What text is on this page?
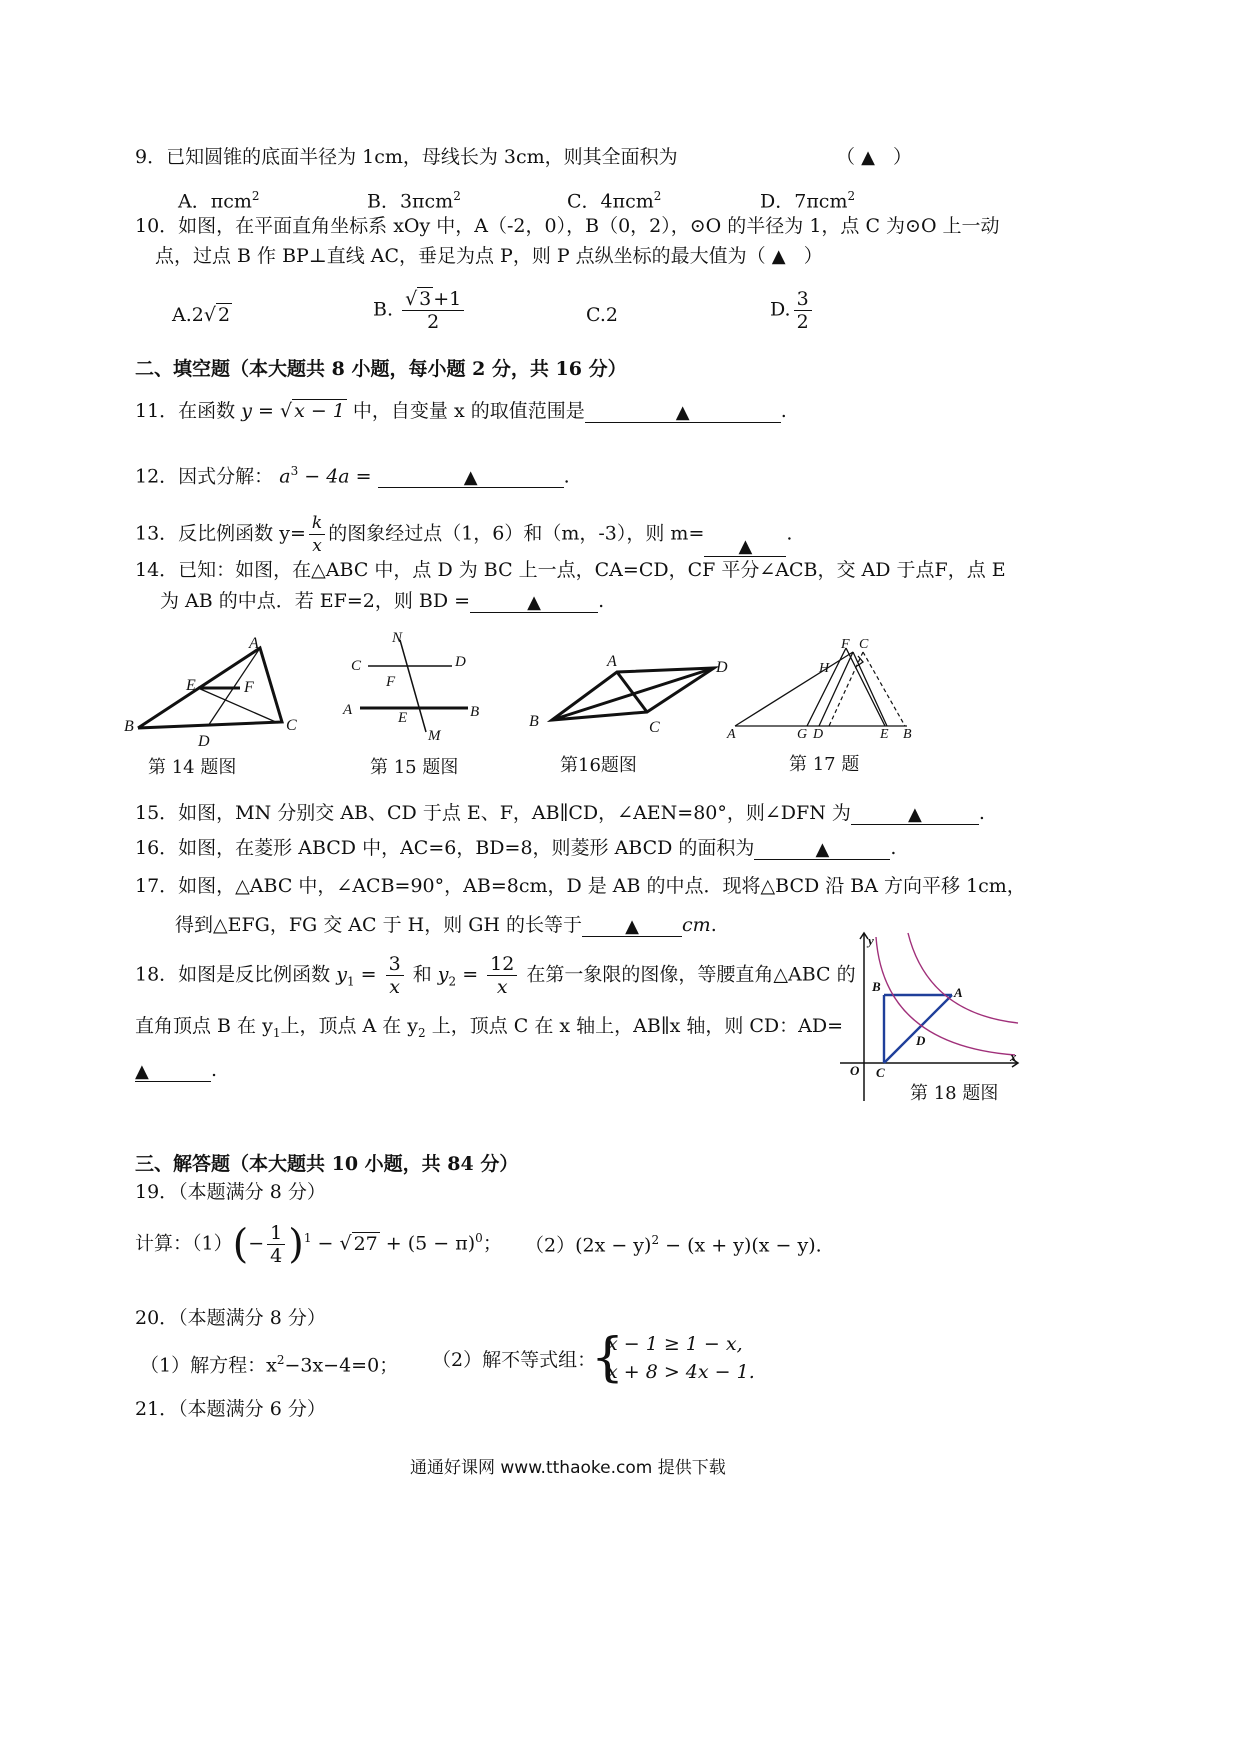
9．已知圆锥的底面半径为 1cm，母线长为 3cm，则其全面积为	（ ▲ ）
A．πcm$^2$	B．3πcm$^2$	C．4πcm$^2$	D．7πcm$^2$
10．如图，在平面直角坐标系 xOy 中，A（-2，0），B（0，2），⊙O 的半径为 1，点 C 为⊙O 上一动
点，过点 B 作 BP⊥直线 AC，垂足为点 P，则 P 点纵坐标的最大值为（ ▲ ）
A.2√ 2	B. $\frac{√ 3 +1}{2}$	C.2	D. $\frac{3}{2}$
二、填空题（本大题共 8 小题，每小题 2 分，共 16 分）
11．在函数 y = √ x − 1 中，自变量 x 的取值范围是	▲	.
12．因式分解： $a^3 - 4a$ =	▲	.
13．反比例函数 $y= \frac{k}{x}$ 的图象经过点（1，6）和（m，-3），则 m=▲.
14．已知：如图，在△ABC 中，点 D 为 BC 上一点，CA=CD，CF 平分∠ACB，交 AD 于点F，点 E
为 AB 的中点．若 EF=2，则 BD =	▲	.
A
B	C
D
E	F
第 14 题图
N
C	D
F
A	E	B
M
第 15 题图
A
B	C
D
第16题图
F C
H
A	G D	E B
第 17 题
15．如图，MN 分别交 AB、CD 于点 E、F，AB∥CD，∠AEN=80°，则∠DFN 为	▲	.
16．如图，在菱形 ABCD 中，AC=6，BD=8，则菱形 ABCD 的面积为	▲	.
17．如图，△ABC 中，∠ACB=90°，AB=8cm，D 是 AB 的中点．现将△BCD 沿 BA 方向平移 1cm，
得到△EFG，FG 交 AC 于 H，则 GH 的长等于 ▲ cm.
18．如图是反比例函数 $y_1 = \frac{3}{x}$ 和 $y_2 = \frac{12}{x}$ 在第一象限的图像，等腰直角△ABC 的
直角顶点 B 在 $y_1$上，顶点 A 在 $y_2$ 上，顶点 C 在 x 轴上，AB∥x 轴，则 CD：AD=
▲	.
y
B	A
D
O C
x
第 18 题图
三、解答题（本大题共 10 小题，共 84 分）
19．（本题满分 8 分）
计算：$(1)(- \frac{1}{4} )^1$ − √ $27 + (5 - \pi)^0$； $(2)(2x - y)^2 - (x + y)(x - y)$.
20．（本题满分 8 分）
（1）解方程：$x^2-3x-4=0$； （2）解不等式组：
{
x − 1 ≥ 1 − x,
x + 8 > 4x − 1.
21．（本题满分 6 分）
通通好课网 www.tthaoke.com 提供下载
